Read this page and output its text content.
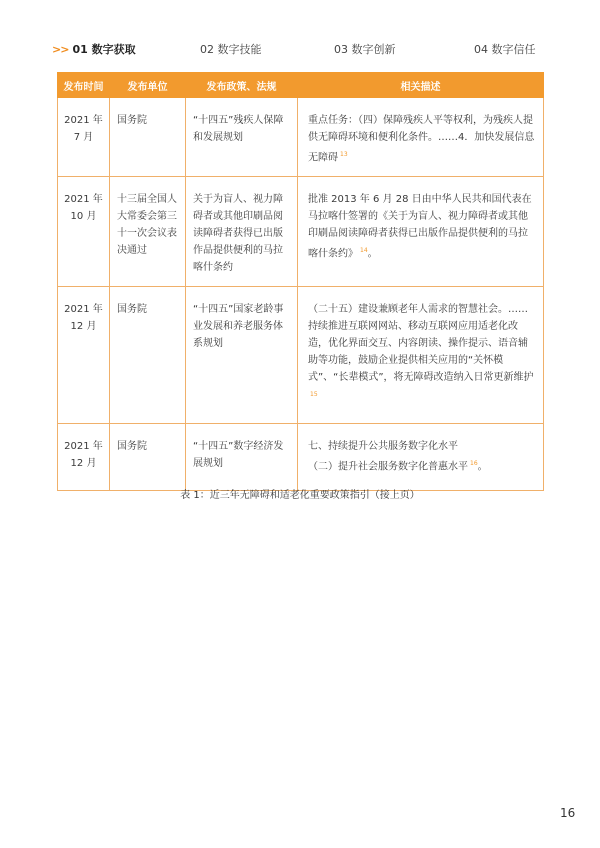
>> 01 数字获取	02 数字技能	03 数字创新	04 数字信任
发布时间	发布单位	发布政策、法规	相关描述
2021 年 7 月	国务院	“十四五”残疾人保障和发展规划	重点任务：（四）保障残疾人平等权利，为残疾人提供无障碍环境和便利化条件。……4．加快发展信息无障碍 $^{13}$
2021 年 10 月	十三届全国人大常委会第三十一次会议表决通过	关于为盲人、视力障碍者或其他印刷品阅读障碍者获得已出版作品提供便利的马拉喀什条约	批准 2013 年 6 月 28 日由中华人民共和国代表在马拉喀什签署的《关于为盲人、视力障碍者或其他印刷品阅读障碍者获得已出版作品提供便利的马拉喀什条约》 $^{14}$。
2021 年 12 月	国务院	“十四五”国家老龄事业发展和养老服务体系规划	（二十五）建设兼顾老年人需求的智慧社会。……持续推进互联网网站、移动互联网应用适老化改造，优化界面交互、内容朗读、操作提示、语音辅助等功能，鼓励企业提供相关应用的“关怀模式”、“长辈模式”，将无障碍改造纳入日常更新维护$^{15}$
2021 年 12 月	国务院	“十四五”数字经济发展规划	七、持续提升公共服务数字化水平
（二）提升社会服务数字化普惠水平 $^{16}$。
表 1：近三年无障碍和适老化重要政策指引（接上页）
16
